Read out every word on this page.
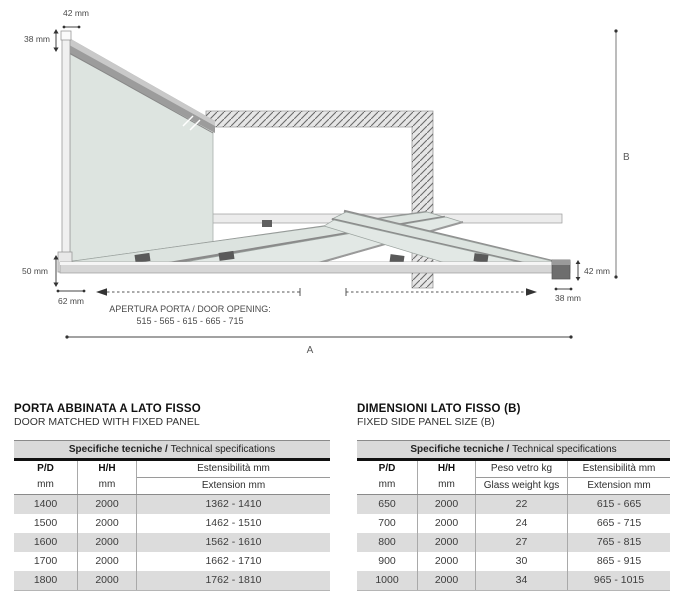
42 mm
38 mm
B
50 mm
62 mm
APERTURA PORTA / DOOR OPENING:
515 - 565 - 615 - 665 - 715
42 mm
38 mm
A
PORTA ABBINATA A LATO FISSO
DOOR MATCHED WITH FIXED PANEL
Specifiche tecniche / Technical specifications
P/D
mm
H/H
mm
Estensibilità mm
Extension mm
1400	2000	1362 - 1410
1500	2000	1462 - 1510
1600	2000	1562 - 1610
1700	2000	1662 - 1710
1800	2000	1762 - 1810
DIMENSIONI LATO FISSO (B)
FIXED SIDE PANEL SIZE (B)
Specifiche tecniche / Technical specifications
P/D
mm
H/H
mm
Peso vetro kg
Glass weight kgs
Estensibilità mm
Extension mm
650	2000	22	615 - 665
700	2000	24	665 - 715
800	2000	27	765 - 815
900	2000	30	865 - 915
1000	2000	34	965 - 1015
